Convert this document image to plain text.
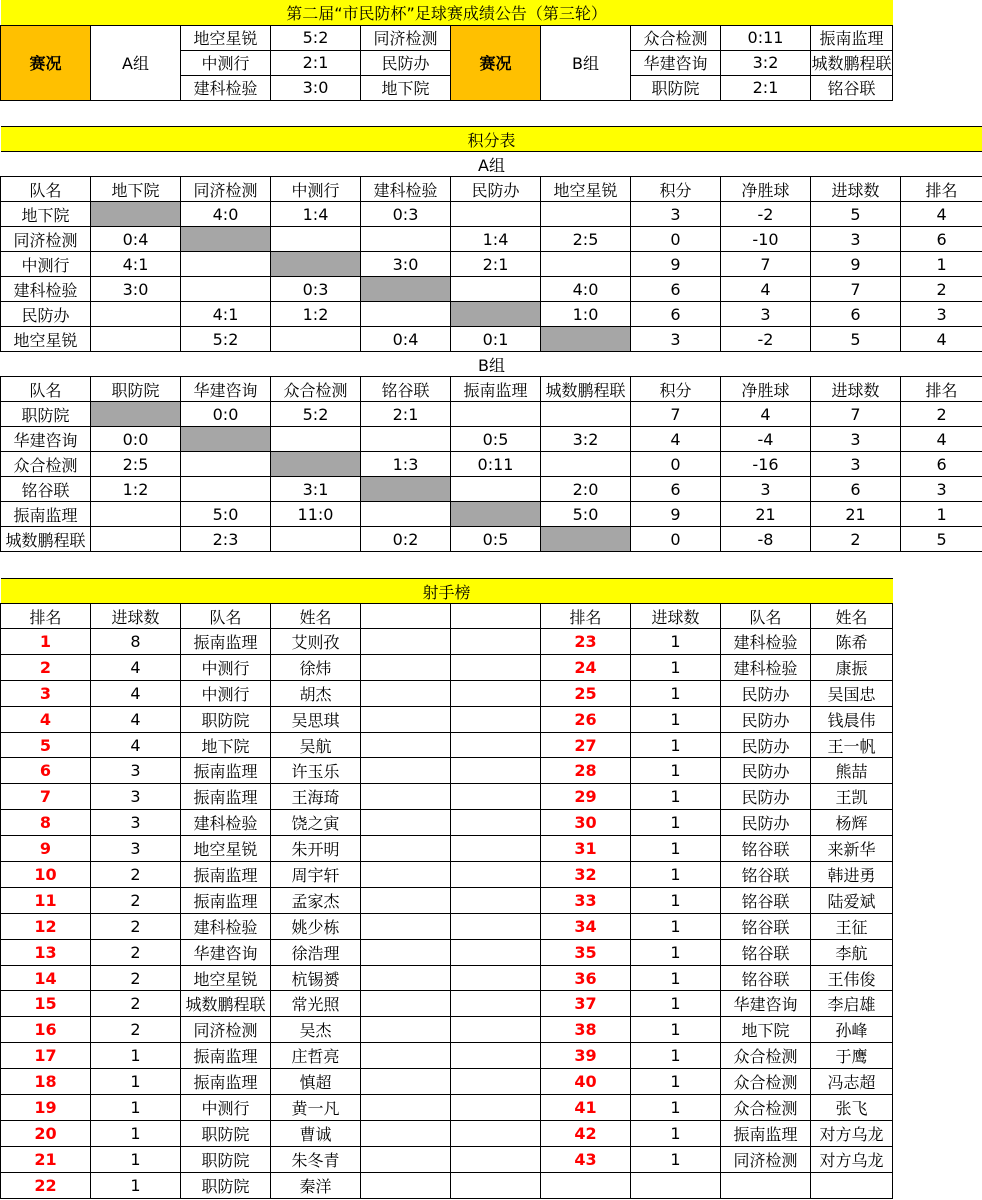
第二届“市民防杯”足球赛成绩公告（第三轮）									
赛况	A组	地空星锐	5:2	同济检测	赛况	B组	众合检测	0:11	振南监理
		中测行	2:1	民防办			华建咨询	3:2	城数鹏程联
		建科检验	3:0	地下院			职防院	2:1	铭谷联
积分表										
A组										
队名	地下院	同济检测	中测行	建科检验	民防办	地空星锐	积分	净胜球	进球数	排名
地下院		4:0	1:4	0:3			3	-2	5	4
同济检测	0:4				1:4	2:5	0	-10	3	6
中测行	4:1			3:0	2:1		9	7	9	1
建科检验	3:0		0:3			4:0	6	4	7	2
民防办		4:1	1:2			1:0	6	3	6	3
地空星锐		5:2		0:4	0:1		3	-2	5	4
B组										
队名	职防院	华建咨询	众合检测	铭谷联	振南监理	城数鹏程联	积分	净胜球	进球数	排名
职防院		0:0	5:2	2:1			7	4	7	2
华建咨询	0:0				0:5	3:2	4	-4	3	4
众合检测	2:5			1:3	0:11		0	-16	3	6
铭谷联	1:2		3:1			2:0	6	3	6	3
振南监理		5:0	11:0			5:0	9	21	21	1
城数鹏程联		2:3		0:2	0:5		0	-8	2	5
射手榜									
排名	进球数	队名	姓名			排名	进球数	队名	姓名
1	8	振南监理	艾则孜			23	1	建科检验	陈希
2	4	中测行	徐炜			24	1	建科检验	康振
3	4	中测行	胡杰			25	1	民防办	吴国忠
4	4	职防院	吴思琪			26	1	民防办	钱晨伟
5	4	地下院	吴航			27	1	民防办	王一帆
6	3	振南监理	许玉乐			28	1	民防办	熊喆
7	3	振南监理	王海琦			29	1	民防办	王凯
8	3	建科检验	饶之寅			30	1	民防办	杨辉
9	3	地空星锐	朱开明			31	1	铭谷联	来新华
10	2	振南监理	周宇轩			32	1	铭谷联	韩进勇
11	2	振南监理	孟家杰			33	1	铭谷联	陆爱斌
12	2	建科检验	姚少栋			34	1	铭谷联	王征
13	2	华建咨询	徐浩理			35	1	铭谷联	李航
14	2	地空星锐	杭锡赟			36	1	铭谷联	王伟俊
15	2	城数鹏程联	常光照			37	1	华建咨询	李启雄
16	2	同济检测	吴杰			38	1	地下院	孙峰
17	1	振南监理	庄哲亮			39	1	众合检测	于鹰
18	1	振南监理	慎超			40	1	众合检测	冯志超
19	1	中测行	黄一凡			41	1	众合检测	张飞
20	1	职防院	曹诚			42	1	振南监理	对方乌龙
21	1	职防院	朱冬青			43	1	同济检测	对方乌龙
22	1	职防院	秦洋						
